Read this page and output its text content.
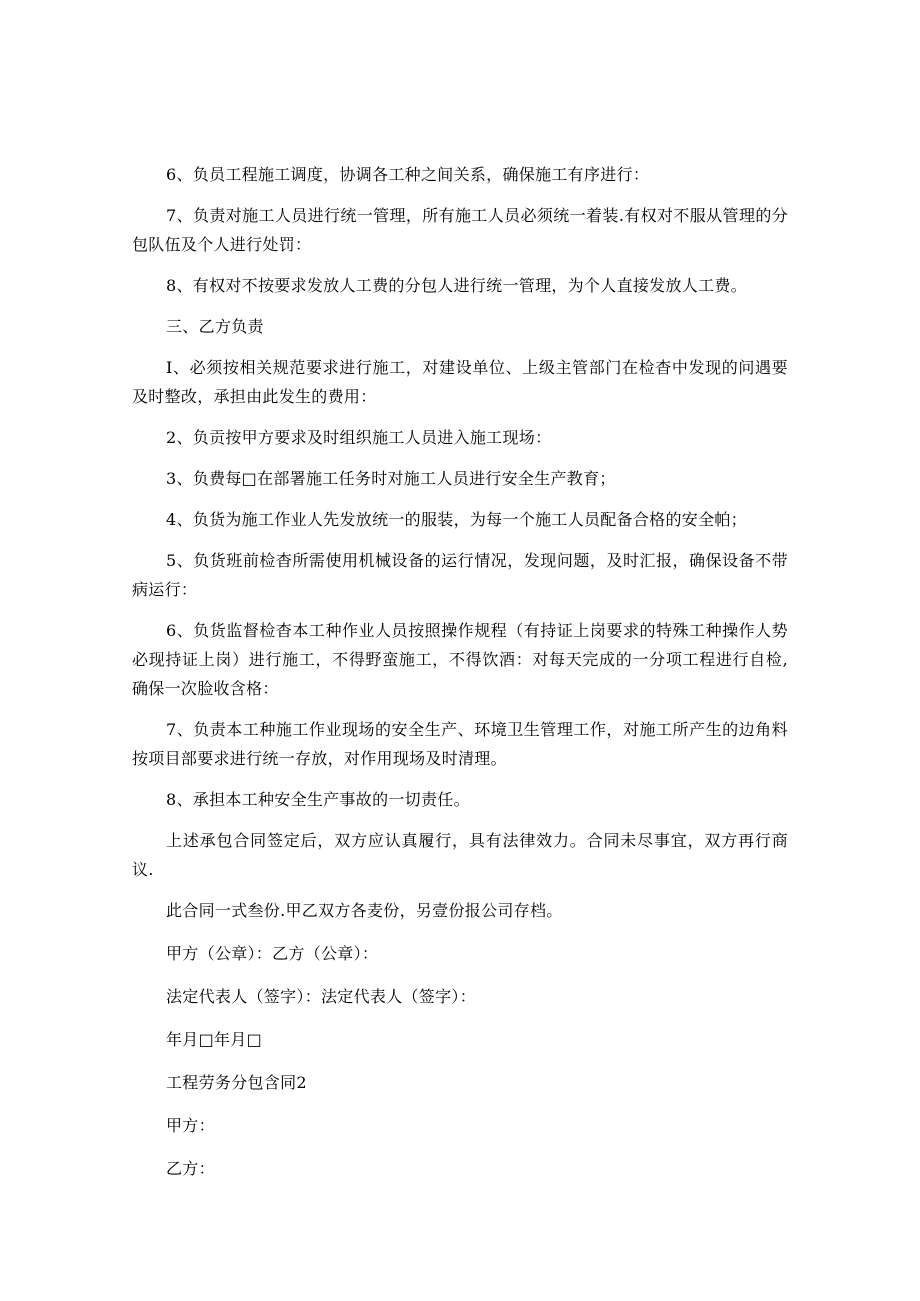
6、负员工程施工调度，协调各工种之间关系，确保施工有序进行：

7、负责对施工人员进行统一管理，所有施工人员必须统一着装.有权对不服从管理的分包队伍及个人进行处罚：

8、有权对不按要求发放人工费的分包人进行统一管理，为个人直接发放人工费。

三、乙方负责

I、必须按相关规范要求进行施工，对建设单位、上级主管部门在检杳中发现的问遇要及时整改，承担由此发生的费用：

2、负贡按甲方要求及时组织施工人员进入施工现场：

3、负费每□在部署施工任务时对施工人员进行安全生产教育；

4、负货为施工作业人先发放统一的服装，为每一个施工人员配备合格的安全帕；

5、负货班前检杳所需使用机械设备的运行情况，发现问题，及时汇报，确保设备不带病运行：

6、负货监督检杳本工种作业人员按照操作规程（有持证上岗要求的特殊工种操作人势必现持证上岗）进行施工，不得野蛮施工，不得饮酒：对每天完成的一分项工程进行自检,确保一次脸收含格：

7、负责本工种施工作业现场的安全生产、环境卫生管理工作，对施工所产生的边角料按项目部要求进行统一存放，对作用现场及时清理。

8、承担本工种安全生产事故的一切责任。

上述承包合同签定后，双方应认真履行，具有法律效力。合同未尽事宜，双方再行商议.

此合同一式叁份.甲乙双方各麦份，另壹份报公司存档。

甲方（公章）：乙方（公章）：

法定代表人（签字）：法定代表人（签字）：

年月□年月□

工程劳务分包含同2

甲方：

乙方：
